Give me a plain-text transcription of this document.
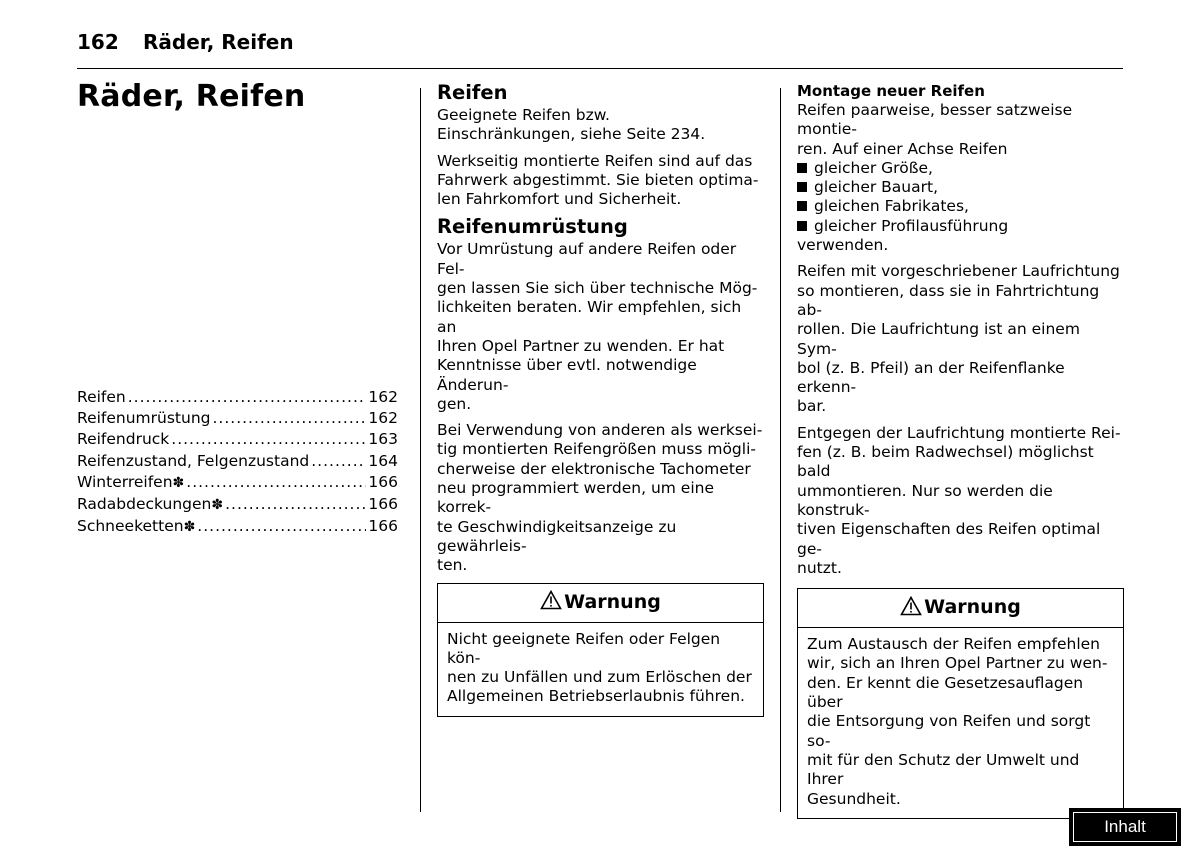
162 Räder, Reifen
Räder, Reifen
Reifen .....	162
Reifenumrüstung .....	162
Reifendruck .....	163
Reifenzustand, Felgenzustand .....	164
Winterreifen ✽ .....	166
Radabdeckungen ✽ .....	166
Schneeketten ✽ .....	166
Reifen

Geeignete Reifen bzw. Einschränkungen, siehe Seite 234.

Werkseitig montierte Reifen sind auf das
Fahrwerk abgestimmt. Sie bieten optima-
len Fahrkomfort und Sicherheit.

Reifenumrüstung

Vor Umrüstung auf andere Reifen oder Fel-
gen lassen Sie sich über technische Mög-
lichkeiten beraten. Wir empfehlen, sich an
Ihren Opel Partner zu wenden. Er hat
Kenntnisse über evtl. notwendige Änderun-
gen.

Bei Verwendung von anderen als werksei-
tig montierten Reifengrößen muss mögli-
cherweise der elektronische Tachometer
neu programmiert werden, um eine korrek-
te Geschwindigkeitsanzeige zu gewährleis-
ten.

Warnung
Nicht geeignete Reifen oder Felgen kön-
nen zu Unfällen und zum Erlöschen der
Allgemeinen Betriebserlaubnis führen.
Montage neuer Reifen
Reifen paarweise, besser satzweise montie-
ren. Auf einer Achse Reifen
gleicher Größe,
gleicher Bauart,
gleichen Fabrikates,
gleicher Profilausführung

verwenden.

Reifen mit vorgeschriebener Laufrichtung
so montieren, dass sie in Fahrtrichtung ab-
rollen. Die Laufrichtung ist an einem Sym-
bol (z. B. Pfeil) an der Reifenflanke erkenn-
bar.

Entgegen der Laufrichtung montierte Rei-
fen (z. B. beim Radwechsel) möglichst bald
ummontieren. Nur so werden die konstruk-
tiven Eigenschaften des Reifen optimal ge-
nutzt.

Warnung
Zum Austausch der Reifen empfehlen
wir, sich an Ihren Opel Partner zu wen-
den. Er kennt die Gesetzesauflagen über
die Entsorgung von Reifen und sorgt so-
mit für den Schutz der Umwelt und Ihrer
Gesundheit.
Inhalt
